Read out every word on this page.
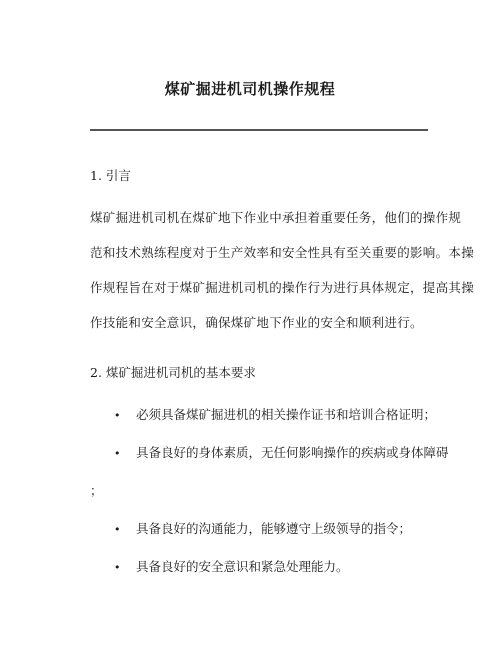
煤矿掘进机司机操作规程
1. 引言
煤矿掘进机司机在煤矿地下作业中承担着重要任务，他们的操作规
范和技术熟练程度对于生产效率和安全性具有至关重要的影响。本操
作规程旨在对于煤矿掘进机司机的操作行为进行具体规定，提高其操
作技能和安全意识，确保煤矿地下作业的安全和顺利进行。
2. 煤矿掘进机司机的基本要求
• 必须具备煤矿掘进机的相关操作证书和培训合格证明；
• 具备良好的身体素质，无任何影响操作的疾病或身体障碍
；
• 具备良好的沟通能力，能够遵守上级领导的指令；
• 具备良好的安全意识和紧急处理能力。
